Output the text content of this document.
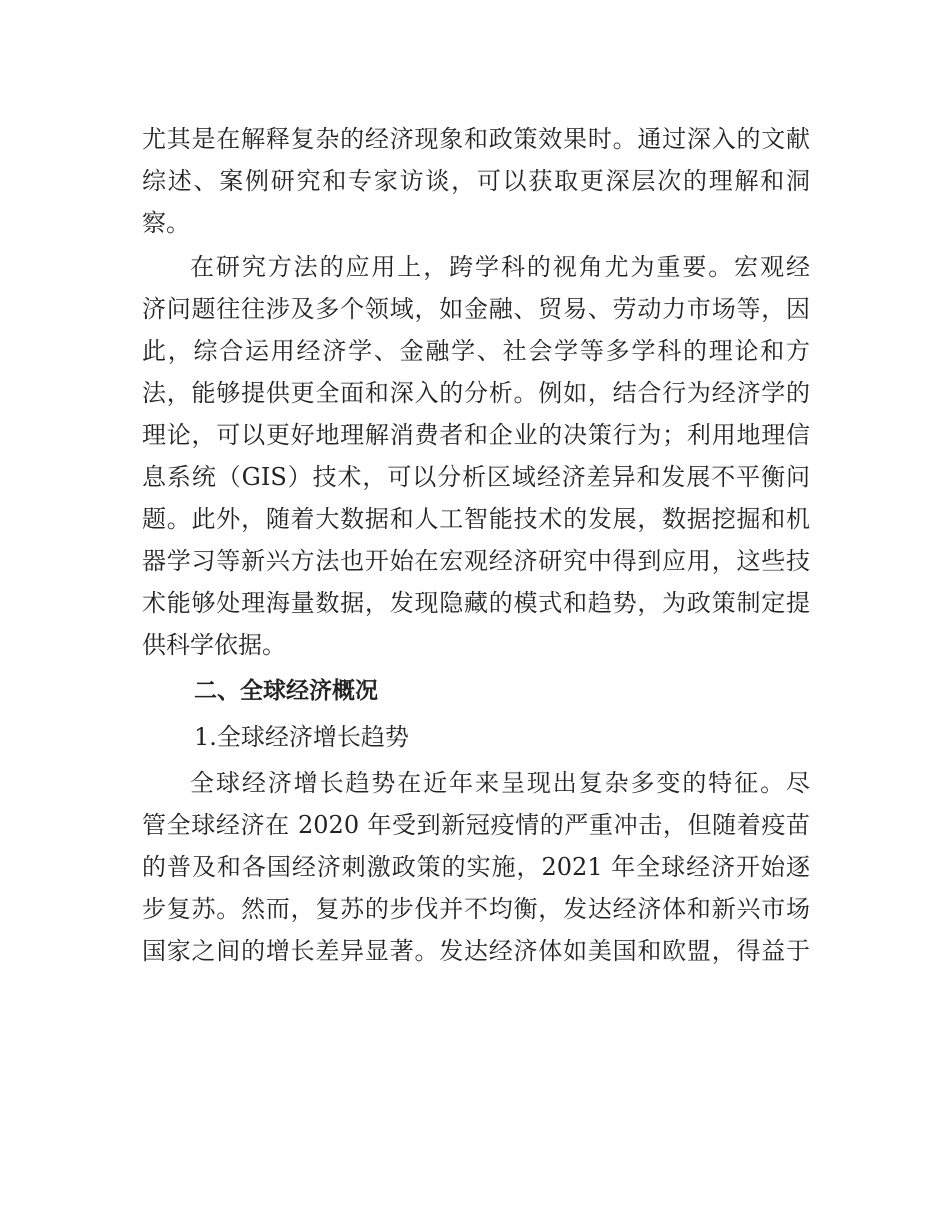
尤其是在解释复杂的经济现象和政策效果时。通过深入的文献
综述、案例研究和专家访谈，可以获取更深层次的理解和洞
察。
在研究方法的应用上，跨学科的视角尤为重要。宏观经
济问题往往涉及多个领域，如金融、贸易、劳动力市场等，因
此，综合运用经济学、金融学、社会学等多学科的理论和方
法，能够提供更全面和深入的分析。例如，结合行为经济学的
理论，可以更好地理解消费者和企业的决策行为；利用地理信
息系统（GIS）技术，可以分析区域经济差异和发展不平衡问
题。此外，随着大数据和人工智能技术的发展，数据挖掘和机
器学习等新兴方法也开始在宏观经济研究中得到应用，这些技
术能够处理海量数据，发现隐藏的模式和趋势，为政策制定提
供科学依据。
二、全球经济概况
1.全球经济增长趋势
全球经济增长趋势在近年来呈现出复杂多变的特征。尽
管全球经济在 2020 年受到新冠疫情的严重冲击，但随着疫苗
的普及和各国经济刺激政策的实施，2021 年全球经济开始逐
步复苏。然而，复苏的步伐并不均衡，发达经济体和新兴市场
国家之间的增长差异显著。发达经济体如美国和欧盟，得益于
